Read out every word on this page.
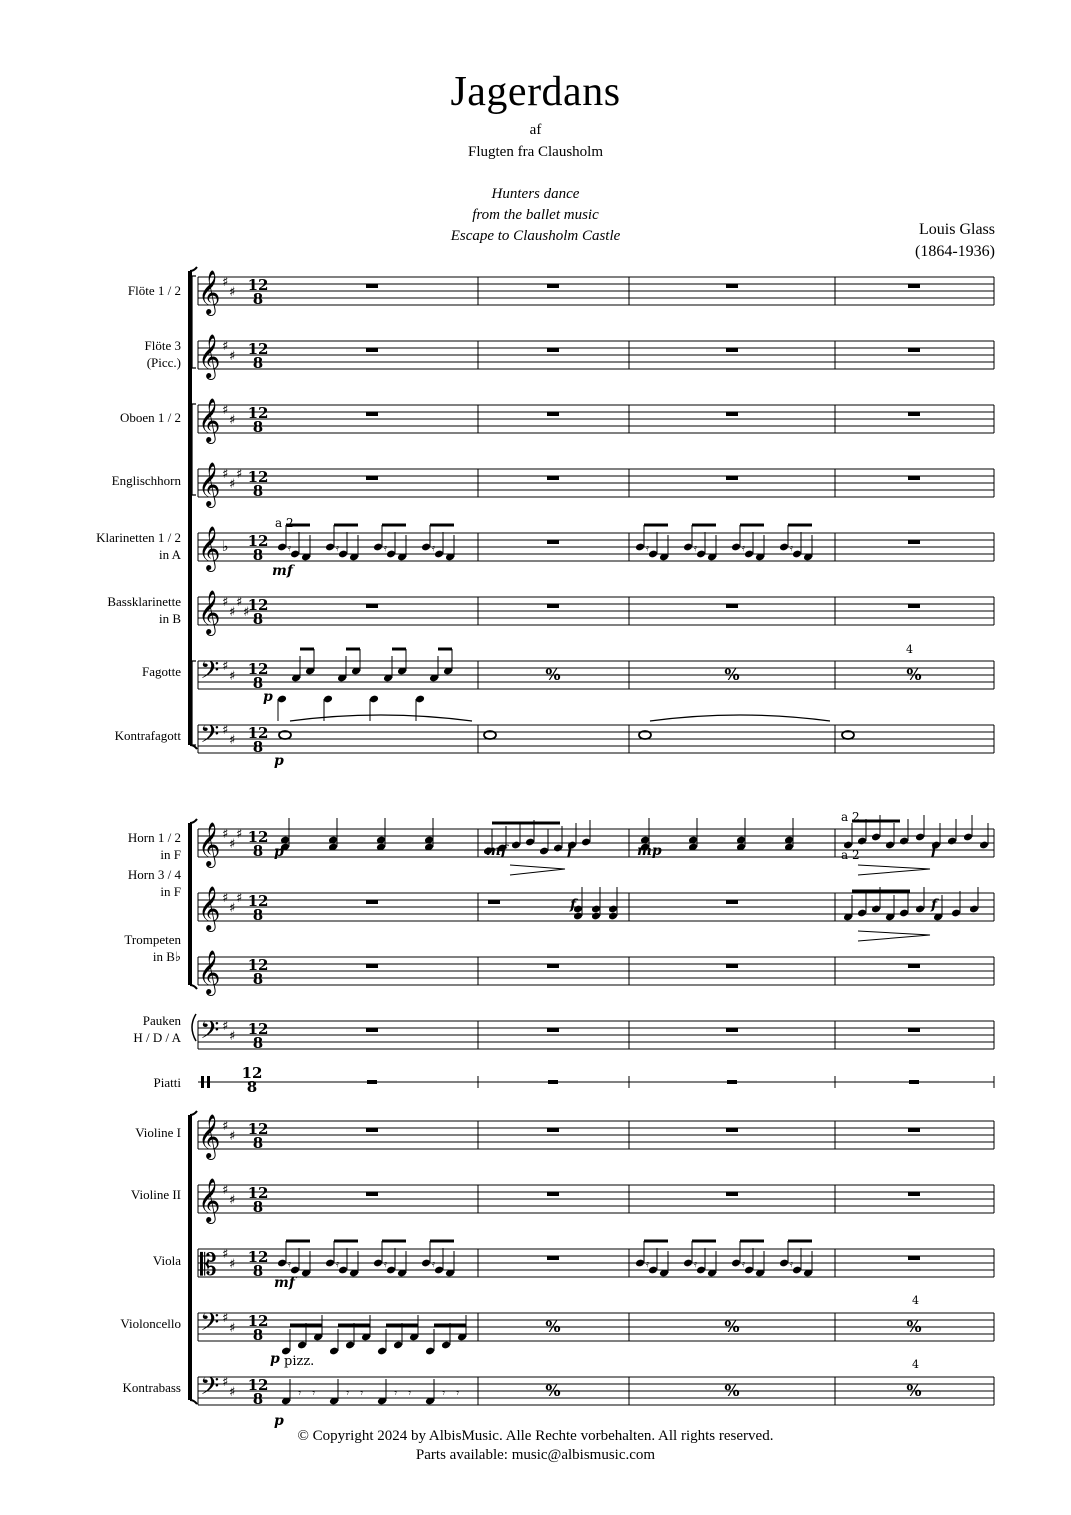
Jagerdans
af
Flugten fra Clausholm
Hunters dance
from the ballet music
Escape to Clausholm Castle	Louis Glass
(1864-1936)
Flöte 1 / 2
Flöte 3
(Picc.)
Oboen 1 / 2
Englischhorn
Klarinetten 1 / 2
in A
Bassklarinette
in B
Fagotte
Kontrafagott
Horn 1 / 2
in F
Horn 3 / 4
in F
Trompeten
in B♭
Pauken
H / D / A
Piatti
Violine I
Violine II
Viola
Violoncello
Kontrabass
𝄞 ♯
♯ 12
8
𝄞 ♯
♯ 12
8
𝄞 ♯
♯ 12
8
𝄞 ♯
♯
♯ 12
8
𝄞 ♭ 12
8
𝄞 ♯
♯
♯
♯
12
8
𝄢 ♯
♯ 12
8
𝄢 ♯
♯ 12
8
𝄞 ♯
♯
♯ 12
8
𝄞 ♯
♯
♯ 12
8
𝄞 12
8
𝄢 ♯
♯ 12
8
12
8
𝄞 ♯
♯ 12
8
𝄞 ♯
♯ 12
8
𝄡 ♯
♯ 12
8
𝄢 ♯
♯ 12
8
𝄢 ♯
♯ 12
8
𝄿	𝄿	𝄿	𝄿	𝄿	𝄿	𝄿	𝄿
𝄿	𝄿	𝄿	𝄿	𝄿	𝄿	𝄿	𝄿
%	%	%
%	%	%
𝄾 𝄾	𝄾 𝄾	𝄾 𝄾	𝄾 𝄾	%	%	%
a 2
mf
p
p
4
p	mf	f	mp
a 2
f
f
a 2
f
mf
p pizz.
p
4
4
© Copyright 2024 by AlbisMusic. Alle Rechte vorbehalten. All rights reserved.
Parts available: music@albismusic.com
